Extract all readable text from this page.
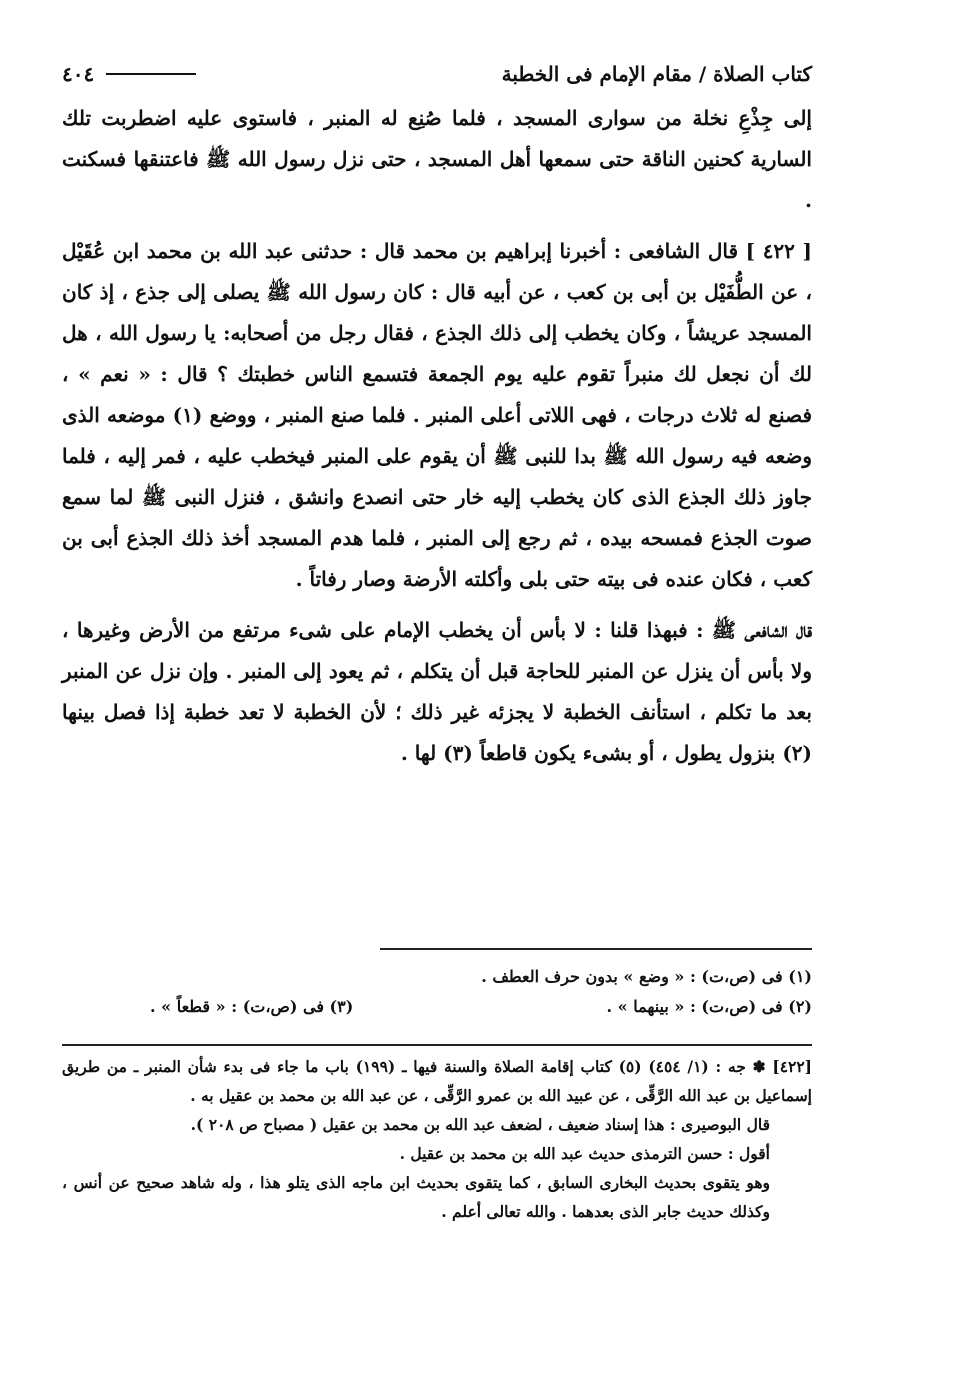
كتاب الصلاة / مقام الإمام فى الخطبة
٤٠٤

إلى جِذْعِ نخلة من سوارى المسجد ، فلما صُنِع له المنبر ، فاستوى عليه اضطربت تلك السارية كحنين الناقة حتى سمعها أهل المسجد ، حتى نزل رسول الله ﷺ فاعتنقها فسكنت .

[ ٤٢٢ ] قال الشافعى : أخبرنا إبراهيم بن محمد قال : حدثنى عبد الله بن محمد ابن عُقَيْل ، عن الطُّفَيْل بن أبى بن كعب ، عن أبيه قال : كان رسول الله ﷺ يصلى إلى جذع ، إذ كان المسجد عريشاً ، وكان يخطب إلى ذلك الجذع ، فقال رجل من أصحابه: يا رسول الله ، هل لك أن نجعل لك منبراً تقوم عليه يوم الجمعة فتسمع الناس خطبتك ؟ قال : « نعم » ، فصنع له ثلاث درجات ، فهى اللاتى أعلى المنبر . فلما صنع المنبر ، ووضع (١) موضعه الذى وضعه فيه رسول الله ﷺ بدا للنبى ﷺ أن يقوم على المنبر فيخطب عليه ، فمر إليه ، فلما جاوز ذلك الجذع الذى كان يخطب إليه خار حتى انصدع وانشق ، فنزل النبى ﷺ لما سمع صوت الجذع فمسحه بيده ، ثم رجع إلى المنبر ، فلما هدم المسجد أخذ ذلك الجذع أبى بن كعب ، فكان عنده فى بيته حتى بلى وأكلته الأرضة وصار رفاتاً .

قال الشافعى ﷺ : فبهذا قلنا : لا بأس أن يخطب الإمام على شىء مرتفع من الأرض وغيرها ، ولا بأس أن ينزل عن المنبر للحاجة قبل أن يتكلم ، ثم يعود إلى المنبر . وإن نزل عن المنبر بعد ما تكلم ، استأنف الخطبة لا يجزئه غير ذلك ؛ لأن الخطبة لا تعد خطبة إذا فصل بينها (٢) بنزول يطول ، أو بشىء يكون قاطعاً (٣) لها .

(١) فى (ص،ت) : « وضع » بدون حرف العطف .
(٢) فى (ص،ت) : « بينهما » .
(٣) فى (ص،ت) : « قطعاً » .

[٤٢٢] ✽ جه : (١/ ٤٥٤) (٥) كتاب إقامة الصلاة والسنة فيها ـ (١٩٩) باب ما جاء فى بدء شأن المنبر ـ من طريق إسماعيل بن عبد الله الرَّقِّى ، عن عبيد الله بن عمرو الرَّقِّى ، عن عبد الله بن محمد بن عقيل به .

قال البوصيرى : هذا إسناد ضعيف ، لضعف عبد الله بن محمد بن عقيل ( مصباح ص ٢٠٨ ).

أقول : حسن الترمذى حديث عبد الله بن محمد بن عقيل .

وهو يتقوى بحديث البخارى السابق ، كما يتقوى بحديث ابن ماجه الذى يتلو هذا ، وله شاهد صحيح عن أنس ، وكذلك حديث جابر الذى بعدهما . والله تعالى أعلم .
